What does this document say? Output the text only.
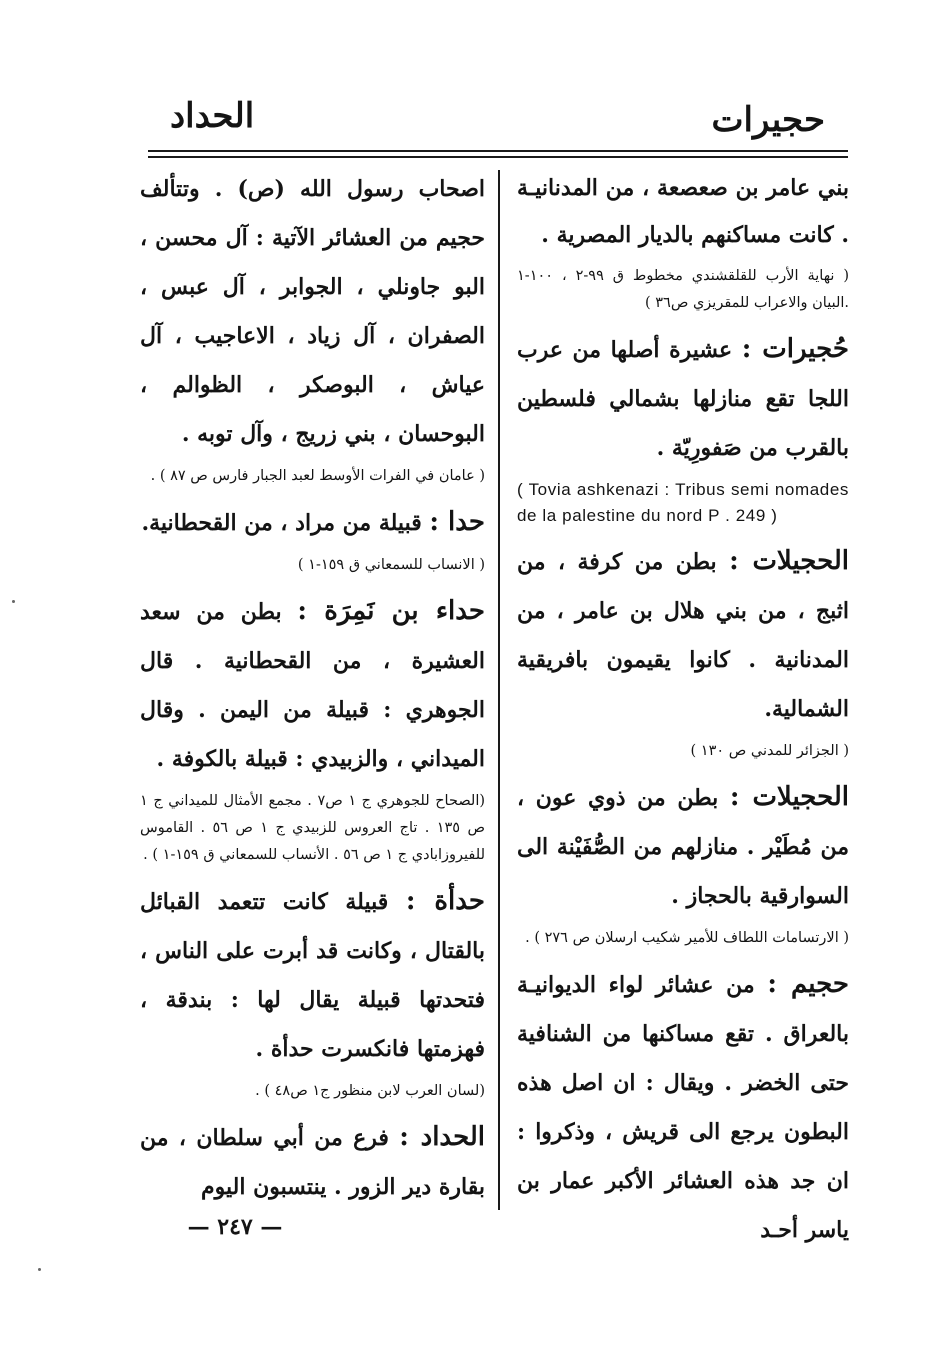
حجيرات
الحداد

بني عامر بن صعصعة ، من المدنانيـة . كانت مساكنهم بالديار المصرية .

( نهاية الأرب للقلقشندي مخطوط ق ٩٩-٢ ، ١٠٠-١ .البيان والاعراب للمقريزي ص٣٦ )

حُجيرات : عشيرة أصلها من عرب اللجا تقع منازلها بشمالي فلسطين بالقرب من صَفورِيّة .

( Tovia ashkenazi : Tribus semi nomades de la palestine du nord P . 249 )

الحجيلات : بطن من كرفة ، من اثبج ، من بني هلال بن عامر ، من المدنانية . كانوا يقيمون بافريقية الشمالية.

( الجزائر للمدني ص ١٣٠ )

الحجيلات : بطن من ذوي عون ، من مُطَيْر . منازلهم من الصُّفَيْنة الى السوارقية بالحجاز .

( الارتسامات اللطاف للأمير شكيب ارسلان ص ٢٧٦ ) .

حجيم : من عشائر لواء الديوانيـة بالعراق . تقع مساكنها من الشنافية حتى الخضر . ويقال : ان اصل هذه البطون يرجع الى قريش ، وذكروا : ان جد هذه العشائر الأكبر عمار بن ياسر أحـد

اصحاب رسول الله (ص) . وتتألف حجيم من العشائر الآتية : آل محسن ، البو جاونلي ، الجوابر ، آل عبس ، الصفران ، آل زياد ، الاعاجيب ، آل عياش ، البوصكر ، الظوالم ، البوحسان ، بني زريج ، وآل توبه .

( عامان في الفرات الأوسط لعبد الجبار فارس ص ٨٧ ) .

حدا : قبيلة من مراد ، من القحطانية.

( الانساب للسمعاني ق ١٥٩-١ )

حداء بن نَمِرَة : بطن من سعد العشيرة ، من القحطانية . قال الجوهري : قبيلة من اليمن . وقال الميداني ، والزبيدي : قبيلة بالكوفة .

(الصحاح للجوهري ج ١ ص٧ . مجمع الأمثال للميداني ج ١ ص ١٣٥ . تاج العروس للزبيدي ج ١ ص ٥٦ . القاموس للفيروزابادي ج ١ ص ٥٦ . الأنساب للسمعاني ق ١٥٩-١ ) .

حدأة : قبيلة كانت تتعمد القبائل بالقتال ، وكانت قد أبرت على الناس ، فتحدتها قبيلة يقال لها : بندقة ، فهزمتها فانكسرت حدأة .

(لسان العرب لابن منظور ج١ ص٤٨ ) .

الحداد : فرع من أبي سلطان ، من بقارة دير الزور . ينتسبون اليوم

— ٢٤٧ —
